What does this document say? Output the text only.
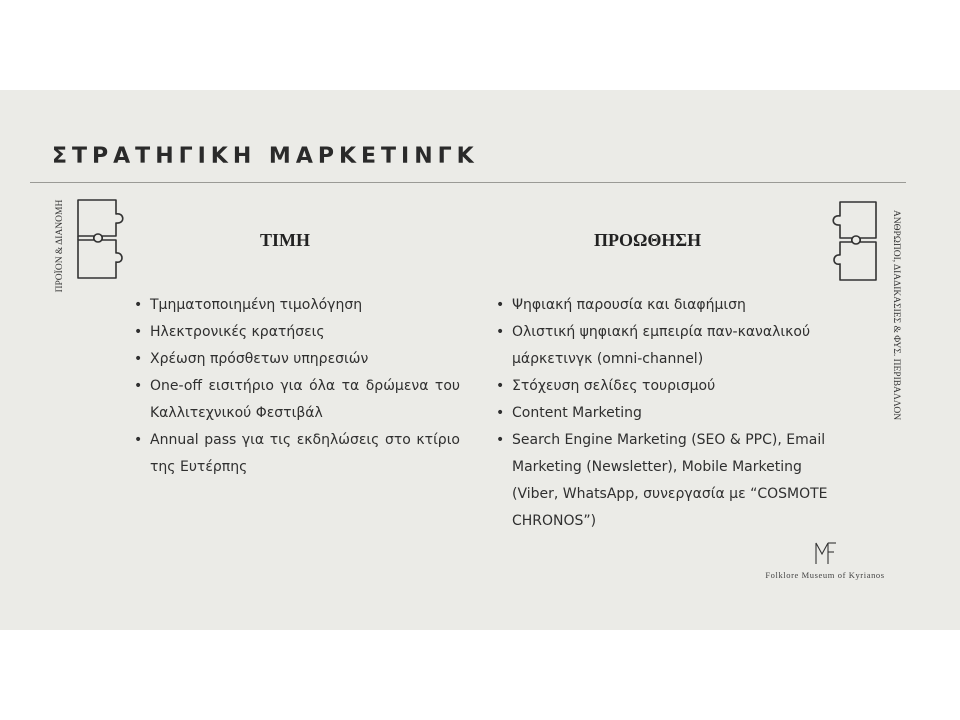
ΣΤΡΑΤΗΓΙΚΗ ΜΑΡΚΕΤΙΝΓΚ
ΠΡΟΪΟΝ & ΔΙΑΝΟΜΗ	ΑΝΘΡΩΠΟΙ, ΔΙΑΔΙΚΑΣΙΕΣ & ΦΥΣ. ΠΕΡΙΒΑΛΛΟΝ
ΤΙΜΗ
• Τμηματοποιημένη τιμολόγηση
• Ηλεκτρονικές κρατήσεις
• Χρέωση πρόσθετων υπηρεσιών
• One-off εισιτήριο για όλα τα δρώμενα του Καλλιτεχνικού Φεστιβάλ
• Annual pass για τις εκδηλώσεις στο κτίριο της Ευτέρπης
ΠΡΟΩΘΗΣΗ
• Ψηφιακή παρουσία και διαφήμιση
• Ολιστική ψηφιακή εμπειρία παν-καναλικού μάρκετινγκ (omni-channel)
• Στόχευση σελίδες τουρισμού
• Content Marketing
• Search Engine Marketing (SEO & PPC), Email Marketing (Newsletter), Mobile Marketing (Viber, WhatsApp, συνεργασία με “COSMOTE CHRONOS”)
Folklore Museum of Kyrianos
